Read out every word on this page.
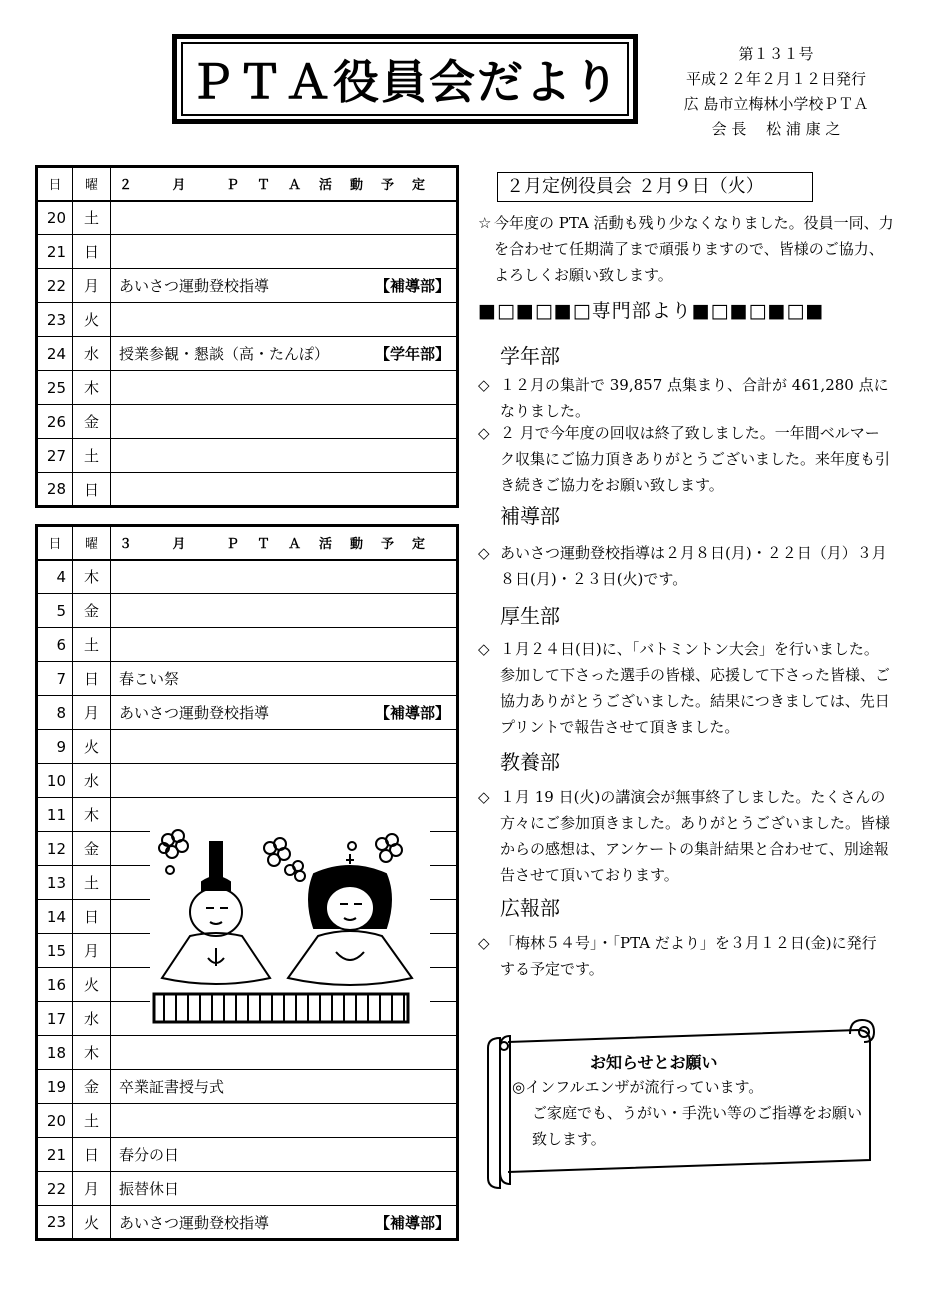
ＰＴＡ役員会だより
第１３１号
平成２２年２月１２日発行
広 島市立梅林小学校ＰＴＡ
会 長　 松 浦 康 之
日	曜	２ 月 ＰＴＡ活動予定
20	土	

21	日	

22	月	あいさつ運動登校指導 【補導部】

23	火	

24	水	授業参観・懇談（高・たんぽ） 【学年部】

25	木	

26	金	

27	土	

28	日	
日	曜	３ 月 ＰＴＡ活動予定
4	木	

5	金	

6	土	

7	日	春こい祭

8	月	あいさつ運動登校指導 【補導部】

9	火	

10	水	

11	木	

12	金	

13	土	

14	日	

15	月	

16	火	

17	水	

18	木	

19	金	卒業証書授与式

20	土	

21	日	春分の日

22	月	振替休日

23	火	あいさつ運動登校指導 【補導部】
２月定例役員会 ２月９日（火）
☆ 今年度の PTA 活動も残り少なくなりました。役員一同、力を合わせて任期満了まで頑張りますので、皆様のご協力、よろしくお願い致します。
■□■□■□専門部より■□■□■□■
学年部
◇ １２月の集計で 39,857 点集まり、合計が 461,280 点になりました。
◇ ２ 月で今年度の回収は終了致しました。一年間ベルマーク収集にご協力頂きありがとうございました。来年度も引き続きご協力をお願い致します。
補導部
◇ あいさつ運動登校指導は２月８日(月)・２２日（月）３月８日(月)・２３日(火)です。
厚生部
◇ １月２４日(日)に、「バトミントン大会」を行いました。参加して下さった選手の皆様、応援して下さった皆様、ご協力ありがとうございました。結果につきましては、先日プリントで報告させて頂きました。
教養部
◇ １月 19 日(火)の講演会が無事終了しました。たくさんの方々にご参加頂きました。ありがとうございました。皆様からの感想は、アンケートの集計結果と合わせて、別途報告させて頂いております。
広報部
◇ 「梅林５４号」・「PTA だより」を３月１２日(金)に発行する予定です。
お知らせとお願い
◎インフルエンザが流行っています。
ご家庭でも、うがい・手洗い等のご指導をお願い致します。
